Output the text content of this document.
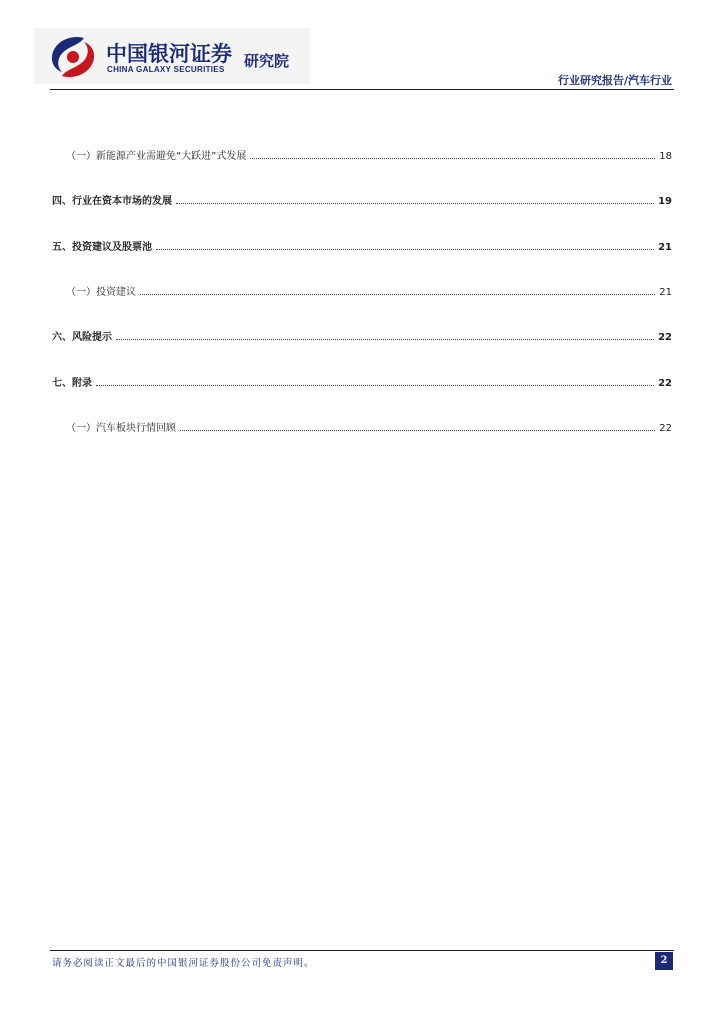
中国银河证券
CHINA GALAXY SECURITIES 研究院
行业研究报告/汽车行业
（一）新能源产业需避免“大跃进”式发展	18
四、行业在资本市场的发展	19
五、投资建议及股票池	21
（一）投资建议	21
六、风险提示	22
七、附录	22
（一）汽车板块行情回顾	22
请务必阅读正文最后的中国银河证券股份公司免责声明。	2
